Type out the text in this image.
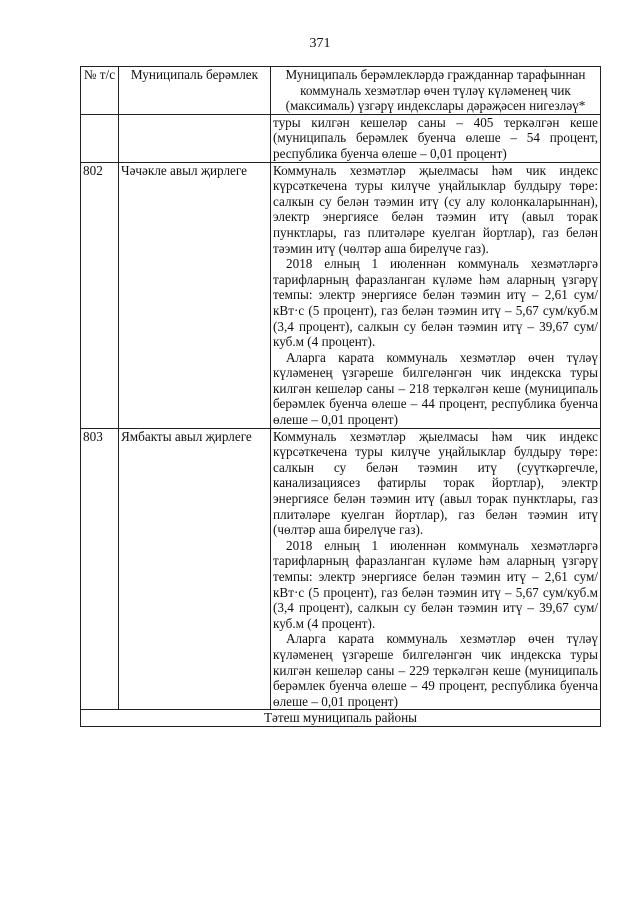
371
№ т/с	Муниципаль берәмлек	Муниципаль берәмлекләрдә гражданнар тарафыннан коммуналь хезмәтләр өчен түләү күләменең чик (максималь) үзгәрү индекслары дәрәҗәсен нигезләү*
		туры килгән кешеләр саны – 405 теркәлгән кеше (муниципаль берәмлек буенча өлеше – 54 процент, республика буенча өлеше – 0,01 процент)
802	Чәчәкле авыл җирлеге	Коммуналь хезмәтләр җыелмасы һәм чик индекс күрсәткечена туры килүче уңайлыклар булдыру төре: салкын су белән тәэмин итү (су алу колонкаларыннан), электр энергиясе белән тәэмин итү (авыл торак пунктлары, газ плитәләре куелган йортлар), газ белән тәэмин итү (чөлтәр аша бирелүче газ).

2018 елның 1 июленнән коммуналь хезмәтләргә тарифларның фаразланган күләме һәм аларның үзгәрү темпы: электр энергиясе белән тәэмин итү – 2,61 сум/кВт·с (5 процент), газ белән тәэмин итү – 5,67 сум/куб.м (3,4 процент), салкын су белән тәэмин итү – 39,67 сум/куб.м (4 процент).

Аларга карата коммуналь хезмәтләр өчен түләү күләменең үзгәреше билгеләнгән чик индекска туры килгән кешеләр саны – 218 теркәлгән кеше (муниципаль берәмлек буенча өлеше – 44 процент, республика буенча өлеше – 0,01 процент)

803	Ямбакты авыл җирлеге	Коммуналь хезмәтләр җыелмасы һәм чик индекс күрсәткечена туры килүче уңайлыклар булдыру төре: салкын су белән тәэмин итү (суүткәргечле, канализациясез фатирлы торак йортлар), электр энергиясе белән тәэмин итү (авыл торак пунктлары, газ плитәләре куелган йортлар), газ белән тәэмин итү (чөлтәр аша бирелүче газ).

2018 елның 1 июленнән коммуналь хезмәтләргә тарифларның фаразланган күләме һәм аларның үзгәрү темпы: электр энергиясе белән тәэмин итү – 2,61 сум/кВт·с (5 процент), газ белән тәэмин итү – 5,67 сум/куб.м (3,4 процент), салкын су белән тәэмин итү – 39,67 сум/куб.м (4 процент).

Аларга карата коммуналь хезмәтләр өчен түләү күләменең үзгәреше билгеләнгән чик индекска туры килгән кешеләр саны – 229 теркәлгән кеше (муниципаль берәмлек буенча өлеше – 49 процент, республика буенча өлеше – 0,01 процент)

Тәтеш муниципаль районы		
